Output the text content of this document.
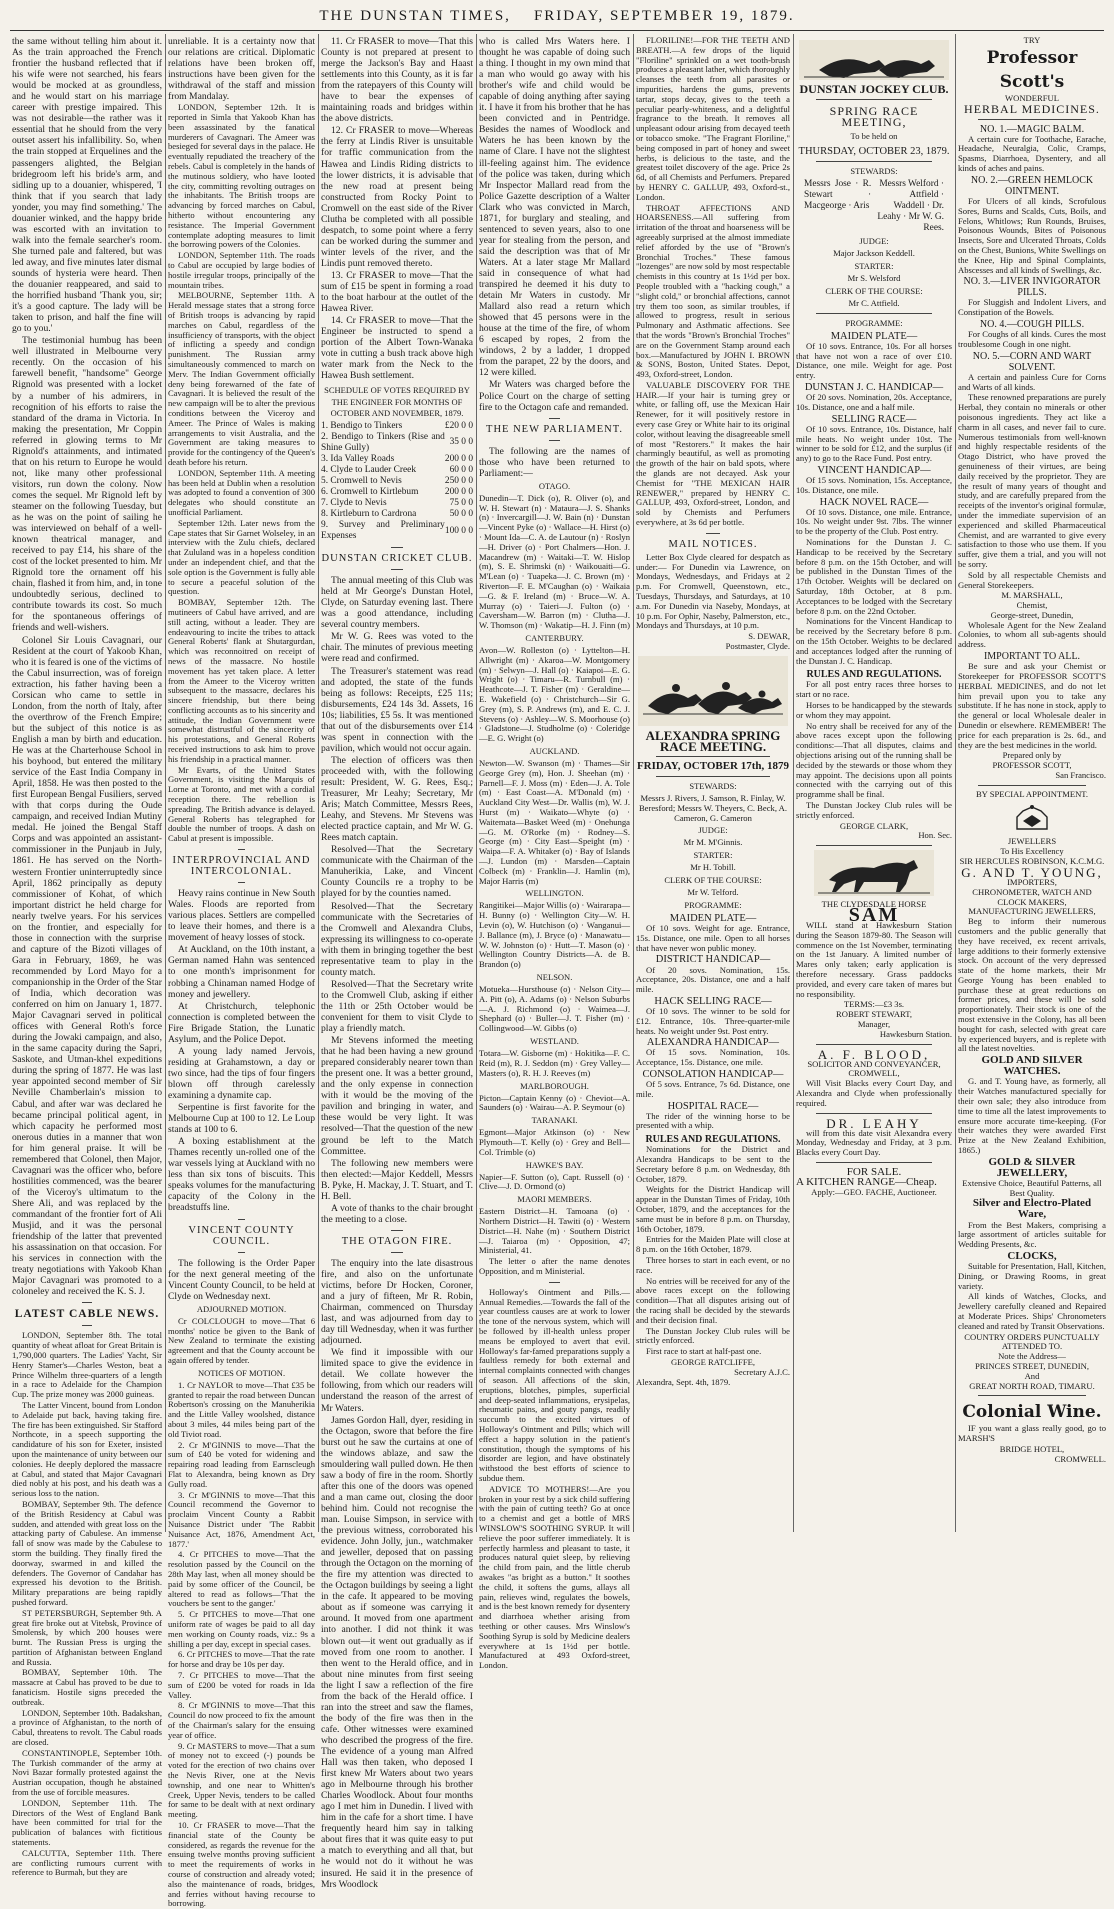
THE DUNSTAN TIMES, FRIDAY, SEPTEMBER 19, 1879.

the same without telling him about it. As the train approached the French frontier the husband reflected that if his wife were not searched, his fears would be mocked at as groundless, and he would start on his marriage career with prestige impaired. This was not desirable—the rather was it essential that he should from the very outset assert his infallibility. So, when the train stopped at Erquelines and the passengers alighted, the Belgian bridegroom left his bride's arm, and sidling up to a douanier, whispered, 'I think that if you search that lady yonder, you may find something.' The douanier winked, and the happy bride was escorted with an invitation to walk into the female searcher's room. She turned pale and faltered, but was led away, and five minutes later dismal sounds of hysteria were heard. Then the douanier reappeared, and said to the horrified husband 'Thank you, sir; it's a good capture. The lady will be taken to prison, and half the fine will go to you.'

The testimonial humbug has been well illustrated in Melbourne very recently. On the occasion of his farewell benefit, "handsome" George Rignold was presented with a locket by a number of his admirers, in recognition of his efforts to raise the standard of the drama in Victoria. In making the presentation, Mr Coppin referred in glowing terms to Mr Rignold's attainments, and intimated that on his return to Europe he would not, like many other professional visitors, run down the colony. Now comes the sequel. Mr Rignold left by steamer on the following Tuesday, but as he was on the point of sailing he was interviewed on behalf of a well-known theatrical manager, and received to pay £14, his share of the cost of the locket presented to him. Mr Rignold tore the ornament off his chain, flashed it from him, and, in tone undoubtedly serious, declined to contribute towards its cost. So much for the spontaneous offerings of friends and well-wishers.

Colonel Sir Louis Cavagnari, our Resident at the court of Yakoob Khan, who it is feared is one of the victims of the Cabul insurrection, was of foreign extraction, his father having been a Corsican who came to settle in London, from the north of Italy, after the overthrow of the French Empire; but the subject of this notice is as English a man by birth and education. He was at the Charterhouse School in his boyhood, but entered the military service of the East India Company in April, 1858. He was then posted to the first European Bengal Fusiliers, served with that corps during the Oude campaign, and received Indian Mutiny medal. He joined the Bengal Staff Corps and was appointed an assistant-commissioner in the Punjaub in July, 1861. He has served on the North-western Frontier uninterruptedly since April, 1862 principally as deputy commissioner of Kohat, of which important district he held charge for nearly twelve years. For his services on the frontier, and especially for those in connection with the surprise and capture of the Bizoti villages of Gara in February, 1869, he was recommended by Lord Mayo for a companionship in the Order of the Star of India, which decoration was conferred on him on January 1, 1877. Major Cavagnari served in political offices with General Roth's force during the Jowaki campaign, and also, in the same capacity during the Sapri, Saskote, and Utman-khel expeditions during the spring of 1877. He was last year appointed second member of Sir Neville Chamberlain's mission to Cabul, and after war was declared he became principal political agent, in which capacity he performed most onerous duties in a manner that won for him general praise. It will be remembered that Colonel, then Major, Cavagnari was the officer who, before hostilities commenced, was the bearer of the Viceroy's ultimatum to the Shere Ali, and was replaced by the commandant of the frontier fort of Ali Musjid, and it was the personal friendship of the latter that prevented his assassination on that occasion. For his services in connection with the treaty negotiations with Yakoob Khan Major Cavagnari was promoted to a coloneley and received the K. S. J.

LATEST CABLE NEWS.

LONDON, September 8th. The total quantity of wheat afloat for Great Britain is 1,790,000 quarters. The Ladies' Yacht, Sir Henry Stamer's—Charles Weston, beat a Prince Wilhelm three-quarters of a length in a race to Adelaide for the Champion Cup. The prize money was 2000 guineas.

The Latter Vincent, bound from London to Adelaide put back, having taking fire. The fire has been extinguished. Sir Stafford Northcote, in a speech supporting the candidature of his son for Exeter, insisted upon the maintenance of unity between our colonies. He deeply deplored the massacre at Cabul, and stated that Major Cavagnari died nobly at his post, and his death was a serious loss to the nation.

BOMBAY, September 9th. The defence of the British Residency at Cabul was sudden, and attended with great loss on the attacking party of Cabulese. An immense fall of snow was made by the Cabulese to storm the building. They finally fired the doorway, swarmed in and killed the defenders. The Governor of Candahar has expressed his devotion to the British. Military preparations are being rapidly pushed forward.

ST PETERSBURGH, September 9th. A great fire broke out at Vitebsk, Province of Smolensk, by which 200 houses were burnt. The Russian Press is urging the partition of Afghanistan between England and Russia.

BOMBAY, September 10th. The massacre at Cabul has proved to be due to fanaticism. Hostile signs preceded the outbreak.

LONDON, September 10th. Badakshan, a province of Afghanistan, to the north of Cabul, threatens to revolt. The Cabul roads are closed.

CONSTANTINOPLE, September 10th. The Turkish commander of the army at Novi Bazar formally protested against the Austrian occupation, though he abstained from the use of forcible measures.

LONDON, September 11th. The Directors of the West of England Bank have been committed for trial for the publication of balances with fictitious statements.

CALCUTTA, September 11th. There are conflicting rumours current with reference to Burmah, but they are

unreliable. It is a certainty now that our relations are critical. Diplomatic relations have been broken off, instructions have been given for the withdrawal of the staff and mission from Mandalay.

LONDON, September 12th. It is reported in Simla that Yakoob Khan has been assassinated by the fanatical murderers of Cavagnari. The Ameer was besieged for several days in the palace. He eventually repudiated the treachery of the rebels. Cabul is completely in the hands of the mutinous soldiery, who have looted the city, committing revolting outrages on the inhabitants. The British troops are advancing by forced marches on Cabul, hitherto without encountering any resistance. The Imperial Government contemplate adopting measures to limit the borrowing powers of the Colonies.

LONDON, September 11th. The roads to Cabul are occupied by large bodies of hostile irregular troops, principally of the mountain tribes.

MELBOURNE, September 11th. A Herald message states that a strong force of British troops is advancing by rapid marches on Cabul, regardless of the insufficiency of transports, with the object of inflicting a speedy and condign punishment. The Russian army simultaneously commenced to march on Merv. The Indian Government officially deny being forewarned of the fate of Cavagnari. It is believed the result of the new campaign will be to alter the previous conditions between the Viceroy and Ameer. The Prince of Wales is making arrangements to visit Australia, and the Government are taking measures to provide for the contingency of the Queen's death before his return.

LONDON, September 11th. A meeting has been held at Dublin when a resolution was adopted to found a convention of 300 delegates who should constitute an unofficial Parliament.

September 12th. Later news from the Cape states that Sir Garnet Wolseley, in an interview with the Zulu chiefs, declared that Zululand was in a hopeless condition under an independent chief, and that the sole option is the Government is fully able to secure a peaceful solution of the question.

BOMBAY, September 12th. The mutineers of Cabul have arrived, and are still acting, without a leader. They are endeavouring to incite the tribes to attack General Roberts' flank at Shutargurdan, which was reconnoitred on receipt of news of the massacre. No hostile movement has yet taken place. A letter from the Ameer to the Viceroy written subsequent to the massacre, declares his sincere friendship, but there being conflicting accounts as to his sincerity and attitude, the Indian Government were somewhat distrustful of the sincerity of his protestations, and General Roberts received instructions to ask him to prove his friendship in a practical manner.

Mr Evarts, of the United States Government, is visiting the Marquis of Lorne at Toronto, and met with a cordial reception there. The rebellion is spreading. The British advance is delayed. General Roberts has telegraphed for double the number of troops. A dash on Cabul at present is impossible.

INTERPROVINCIAL AND INTERCOLONIAL.

Heavy rains continue in New South Wales. Floods are reported from various places. Settlers are compelled to leave their homes, and there is a movement of heavy losses of stock.

At Auckland, on the 10th instant, a German named Hahn was sentenced to one month's imprisonment for robbing a Chinaman named Hodge of money and jewellery.

At Christchurch, telephonic connection is completed between the Fire Brigade Station, the Lunatic Asylum, and the Police Depot.

A young lady named Jervois, residing at Grahamstown, a day or two since, had the tips of four fingers blown off through carelessly examining a dynamite cap.

Serpentine is first favorite for the Melbourne Cup at 100 to 12. Le Loup stands at 100 to 6.

A boxing establishment at the Thames recently un-rolled one of the war vessels lying at Auckland with no less than six tons of biscuits. This speaks volumes for the manufacturing capacity of the Colony in the breadstuffs line.

VINCENT COUNTY COUNCIL.

The following is the Order Paper for the next general meeting of the Vincent County Council, to be held at Clyde on Wednesday next.

ADJOURNED MOTION.

Cr COLCLOUGH to move—That 6 months' notice be given to the Bank of New Zealand to terminate the existing agreement and that the County account be again offered by tender.

NOTICES OF MOTION.

1. Cr NAYLOR to move—That £35 be granted to repair the road between Duncan Robertson's crossing on the Manuherikia and the Little Valley woolshed, distance about 3 miles, 44 miles being part of the old Tiviot road.

2. Cr M'GINNIS to move—That the sum of £40 be voted for widening and repairing road leading from Earnscleugh Flat to Alexandra, being known as Dry Gully road.

3. Cr M'GINNIS to move—That this Council recommend the Governor to proclaim Vincent County a Rabbit Nuisance District under 'The Rabbit Nuisance Act, 1876, Amendment Act, 1877.'

4. Cr PITCHES to move—That the resolution passed by the Council on the 28th May last, when all money should be paid by some officer of the Council, be altered to read as follows—'That the vouchers be sent to the ganger.'

5. Cr PITCHES to move—That one uniform rate of wages be paid to all day men working on County roads, viz.: 9s a shilling a per day, except in special cases.

6. Cr PITCHES to move—That the rate for horse and dray be 10s per day.

7. Cr PITCHES to move—That the sum of £200 be voted for roads in Ida Valley.

8. Cr M'GINNIS to move—That this Council do now proceed to fix the amount of the Chairman's salary for the ensuing year of office.

9. Cr MASTERS to move—That a sum of money not to exceed (-) pounds be voted for the erection of two chains over the Nevis River, one at the Nevis township, and one near to Whitten's Creek, Upper Nevis, tenders to be called for same to be dealt with at next ordinary meeting.

10. Cr FRASER to move—That the financial state of the County be considered, as regards the revenue for the ensuing twelve months proving sufficient to meet the requirements of works in course of construction and already voted; also the maintenance of roads, bridges, and ferries without having recourse to borrowing.

11. Cr FRASER to move—That this County is not prepared at present to merge the Jackson's Bay and Haast settlements into this County, as it is far from the ratepayers of this County will have to bear the expenses of maintaining roads and bridges within the above districts.

12. Cr FRASER to move—Whereas the ferry at Lindis River is unsuitable for traffic communication from the Hawea and Lindis Riding districts to the lower districts, it is advisable that the new road at present being constructed from Rocky Point to Cromwell on the east side of the River Clutha be completed with all possible despatch, to some point where a ferry can be worked during the summer and winter levels of the river, and the Lindis punt removed thereto.

13. Cr FRASER to move—That the sum of £15 be spent in forming a road to the boat harbour at the outlet of the Hawea River.

14. Cr FRASER to move—That the Engineer be instructed to spend a portion of the Albert Town-Wanaka vote in cutting a bush track above high water mark from the Neck to the Hawea Bush settlement.

SCHEDULE OF VOTES REQUIRED BY THE ENGINEER FOR MONTHS OF OCTOBER AND NOVEMBER, 1879.
1. Bendigo to Tinkers	£20 0 0
2. Bendigo to Tinkers (Rise and Shine Gully)	35 0 0
3. Ida Valley Roads	200 0 0
4. Clyde to Lauder Creek	60 0 0
5. Cromwell to Nevis	250 0 0
6. Cromwell to Kirtlebum	200 0 0
7. Clyde to Nevis	75 0 0
8. Kirtleburn to Cardrona	50 0 0
9. Survey and Preliminary Expenses	100 0 0
DUNSTAN CRICKET CLUB.

The annual meeting of this Club was held at Mr George's Dunstan Hotel, Clyde, on Saturday evening last. There was a good attendance, including several country members.

Mr W. G. Rees was voted to the chair. The minutes of previous meeting were read and confirmed.

The Treasurer's statement was read and adopted, the state of the funds being as follows: Receipts, £25 11s; disbursements, £24 14s 3d. Assets, 16 10s; liabilities, £5 5s. It was mentioned that out of the disbursements over £14 was spent in connection with the pavilion, which would not occur again.

The election of officers was then proceeded with, with the following result: President, W. G. Rees, Esq.; Treasurer, Mr Leahy; Secretary, Mr Aris; Match Committee, Messrs Rees, Leahy, and Stevens. Mr Stevens was elected practice captain, and Mr W. G. Rees match captain.

Resolved—That the Secretary communicate with the Chairman of the Manuherikia, Lake, and Vincent County Councils re a trophy to be played for by the counties named.

Resolved—That the Secretary communicate with the Secretaries of the Cromwell and Alexandra Clubs, expressing its willingness to co-operate with them in bringing together the best representative team to play in the county match.

Resolved—That the Secretary write to the Cromwell Club, asking if either the 11th or 25th October would be convenient for them to visit Clyde to play a friendly match.

Mr Stevens informed the meeting that he had been having a new ground prepared considerably nearer town than the present one. It was a better ground, and the only expense in connection with it would be the moving of the pavilion and bringing in water, and these would be very light. It was resolved—That the question of the new ground be left to the Match Committee.

The following new members were then elected:—Major Keddell, Messrs B. Pyke, H. Mackay, J. T. Stuart, and T. H. Bell.

A vote of thanks to the chair brought the meeting to a close.

THE OTAGON FIRE.

The enquiry into the late disastrous fire, and also on the unfortunate victims, before Dr Hocken, Coroner, and a jury of fifteen, Mr R. Robin, Chairman, commenced on Thursday last, and was adjourned from day to day till Wednesday, when it was further adjourned.

We find it impossible with our limited space to give the evidence in detail. We collate however the following, from which our readers will understand the reason of the arrest of Mr Waters.

James Gordon Hall, dyer, residing in the Octagon, swore that before the fire burst out he saw the curtains at one of the windows ablaze, and saw the smouldering wall pulled down. He then saw a body of fire in the room. Shortly after this one of the doors was opened and a man came out, closing the door behind him. Could not recognise the man. Louise Simpson, in service with the previous witness, corroborated his evidence. John Jolly, jun., watchmaker and jeweller, deposed that on passing through the Octagon on the morning of the fire my attention was directed to the Octagon buildings by seeing a light in the cafe. It appeared to be moving about as if someone was carrying it around. It moved from one apartment into another. I did not think it was blown out—it went out gradually as if moved from one room to another. I then went to the Herald office, and in about nine minutes from first seeing the light I saw a reflection of the fire from the back of the Herald office. I ran into the street and saw the flames, the body of the fire was then in the cafe. Other witnesses were examined who described the progress of the fire. The evidence of a young man Alfred Hall was then taken, who deposed I first knew Mr Waters about two years ago in Melbourne through his brother Charles Woodlock. About four months ago I met him in Dunedin. I lived with him in the cafe for a short time. I have frequently heard him say in talking about fires that it was quite easy to put a match to everything and all that, but he would not do it without he was insured. He said it in the presence of Mrs Woodlock

who is called Mrs Waters here. I thought he was capable of doing such a thing. I thought in my own mind that a man who would go away with his brother's wife and child would be capable of doing anything after saying it. I have it from his brother that he has been convicted and in Pentridge. Besides the names of Woodlock and Waters he has been known by the name of Clare. I have not the slightest ill-feeling against him. The evidence of the police was taken, during which Mr Inspector Mallard read from the Police Gazette description of a Walter Clark who was convicted in March, 1871, for burglary and stealing, and sentenced to seven years, also to one year for stealing from the person, and said the description was that of Mr Waters. At a later stage Mr Mallard said in consequence of what had transpired he deemed it his duty to detain Mr Waters in custody. Mr Mallard also read a return which showed that 45 persons were in the house at the time of the fire, of whom 6 escaped by ropes, 2 from the windows, 2 by a ladder, 1 dropped from the parapet, 22 by the doors, and 12 were killed.

Mr Waters was charged before the Police Court on the charge of setting fire to the Octagon cafe and remanded.

THE NEW PARLIAMENT.

The following are the names of those who have been returned to Parliament:—

OTAGO.

Dunedin—T. Dick (o), R. Oliver (o), and W. H. Stewart (n) · Mataura—J. S. Shanks (n) · Invercargill—J. W. Bain (n) · Dunstan—Vincent Pyke (o) · Wallace—H. Hirst (o) · Mount Ida—C. A. de Lautour (n) · Roslyn—H. Driver (o) · Port Chalmers—Hon. J. Macandrew (m) · Waitaki—T. W. Hislop (m), S. E. Shrimski (n) · Waikouaiti—G. M'Lean (o) · Tuapeka—J. C. Brown (m) · Riverton—F. E. M'Caughan (o) · Waikaia—G. & F. Ireland (m) · Bruce—W. A. Murray (o) · Taieri—J. Fulton (o) · Caversham—W. Barron (m) · Clutha—J. W. Thomson (m) · Wakatip—H. J. Finn (m)

CANTERBURY.

Avon—W. Rolleston (o) · Lyttelton—H. Allwright (m) · Akaroa—W. Montgomery (m) · Selwyn—J. Hall (o) · Kaiapoi—E. G. Wright (o) · Timaru—R. Turnbull (m) · Heathcote—J. T. Fisher (m) · Geraldine—E. Wakefield (o) · Christchurch—Sir G. Grey (m), S. P. Andrews (m), and E. C. J. Stevens (o) · Ashley—W. S. Moorhouse (o) · Gladstone—J. Studholme (o) · Coleridge—E. G. Wright (o)

AUCKLAND.

Newton—W. Swanson (m) · Thames—Sir George Grey (m), Hon. J. Sheehan (m) · Parnell—F. J. Moss (m) · Eden—J. A. Tole (m) · East Coast—A. M'Donald (m) · Auckland City West—Dr. Wallis (m), W. J. Hurst (m) · Waikato—Whyte (o) · Waitemata—Basket Weed (m) · Onehunga—G. M. O'Rorke (m) · Rodney—S. George (m) · City East—Speight (m) · Waipa—F. A. Whitaker (o) · Bay of Islands—J. Lundon (m) · Marsden—Captain Colbeck (m) · Franklin—J. Hamlin (m), Major Harris (m)

WELLINGTON.

Rangitikei—Major Willis (o) · Wairarapa—H. Bunny (o) · Wellington City—W. H. Levin (o), W. Hutchison (o) · Wanganui—J. Ballance (m), J. Bryce (o) · Manawatu—W. W. Johnston (o) · Hutt—T. Mason (o) · Wellington Country Districts—A. de B. Brandon (o)

NELSON.

Motueka—Hursthouse (o) · Nelson City—A. Pitt (o), A. Adams (o) · Nelson Suburbs—A. J. Richmond (o) · Waimea—J. Shephard (o) · Buller—J. T. Fisher (m) · Collingwood—W. Gibbs (o)

WESTLAND.

Totara—W. Gisborne (m) · Hokitika—F. C. Reid (m), R. J. Seddon (m) · Grey Valley—Masters (o), R. H. J. Reeves (m)

MARLBOROUGH.

Picton—Captain Kenny (o) · Cheviot—A. Saunders (o) · Wairau—A. P. Seymour (o)

TARANAKI.

Egmont—Major Atkinson (o) · New Plymouth—T. Kelly (o) · Grey and Bell—Col. Trimble (o)

HAWKE'S BAY.

Napier—F. Sutton (o), Capt. Russell (o) · Clive—J. D. Ormond (o)

MAORI MEMBERS.

Eastern District—H. Tamoana (o) · Northern District—H. Tawiti (o) · Western District—H. Nahe (m) · Southern District—J. Taiaroa (m) · Opposition, 47; Ministerial, 41.

The letter o after the name denotes Opposition, and m Ministerial.

Holloway's Ointment and Pills.—Annual Remedies.—Towards the fall of the year countless causes are at work to lower the tone of the nervous system, which will be followed by ill-health unless proper means be employed to avert that evil. Holloway's far-famed preparations supply a faultless remedy for both external and internal complaints connected with changes of season. All affections of the skin, eruptions, blotches, pimples, superficial and deep-seated inflammations, erysipelas, rheumatic pains, and gouty pangs, readily succumb to the excited virtues of Holloway's Ointment and Pills; which will effect a happy solution in the patient's constitution, though the symptoms of his disorder are legion, and have obstinately withstood the best efforts of science to subdue them.

ADVICE TO MOTHERS!—Are you broken in your rest by a sick child suffering with the pain of cutting teeth? Go at once to a chemist and get a bottle of MRS WINSLOW'S SOOTHING SYRUP. It will relieve the poor sufferer immediately. It is perfectly harmless and pleasant to taste, it produces natural quiet sleep, by relieving the child from pain, and the little cherub awakes "as bright as a button." It soothes the child, it softens the gums, allays all pain, relieves wind, regulates the bowels, and is the best known remedy for dysentery and diarrhoea whether arising from teething or other causes. Mrs Winslow's Soothing Syrup is sold by Medicine dealers everywhere at 1s 1½d per bottle. Manufactured at 493 Oxford-street, London.

FLORILINE!—FOR THE TEETH AND BREATH.—A few drops of the liquid "Floriline" sprinkled on a wet tooth-brush produces a pleasant lather, which thoroughly cleanses the teeth from all parasites or impurities, hardens the gums, prevents tartar, stops decay, gives to the teeth a peculiar pearly-whiteness, and a delightful fragrance to the breath. It removes all unpleasant odour arising from decayed teeth or tobacco smoke. "The Fragrant Floriline," being composed in part of honey and sweet herbs, is delicious to the taste, and the greatest toilet discovery of the age. Price 2s 6d, of all Chemists and Perfumers. Prepared by HENRY C. GALLUP, 493, Oxford-st., London.

THROAT AFFECTIONS AND HOARSENESS.—All suffering from irritation of the throat and hoarseness will be agreeably surprised at the almost immediate relief afforded by the use of "Brown's Bronchial Troches." These famous "lozenges" are now sold by most respectable chemists in this country at 1s 1½d per box. People troubled with a "hacking cough," a "slight cold," or bronchial affections, cannot try them too soon, as similar troubles, if allowed to progress, result in serious Pulmonary and Asthmatic affections. See that the words "Brown's Bronchial Troches" are on the Government Stamp around each box.—Manufactured by JOHN I. BROWN & SONS, Boston, United States. Depot, 493, Oxford-street, London.

VALUABLE DISCOVERY FOR THE HAIR.—If your hair is turning grey or white, or falling off, use the Mexican Hair Renewer, for it will positively restore in every case Grey or White hair to its original color, without leaving the disagreeable smell of most "Restorers." It makes the hair charmingly beautiful, as well as promoting the growth of the hair on bald spots, where the glands are not decayed. Ask your Chemist for "THE MEXICAN HAIR RENEWER," prepared by HENRY C. GALLUP, 493, Oxford-street, London, and sold by Chemists and Perfumers everywhere, at 3s 6d per bottle.

MAIL NOTICES.

Letter Box Clyde cleared for despatch as under:— For Dunedin via Lawrence, on Mondays, Wednesdays, and Fridays at 2 p.m. For Cromwell, Queenstown, etc., Tuesdays, Thursdays, and Saturdays, at 10 a.m. For Dunedin via Naseby, Mondays, at 10 p.m. For Ophir, Naseby, Palmerston, etc., Mondays and Thursdays, at 10 p.m.

S. DEWAR,
Postmaster, Clyde.
ALEXANDRA SPRING RACE MEETING.
FRIDAY, OCTOBER 17th, 1879
STEWARDS:

Messrs J. Rivers, J. Samson, R. Finlay, W. Beresford; Messrs W. Theyers, C. Beck, A. Cameron, G. Cameron

JUDGE:
Mr M. M'Ginnis.
STARTER:
Mr H. Tobill.
CLERK OF THE COURSE:
Mr W. Telford.
PROGRAMME:
MAIDEN PLATE—

Of 10 sovs. Weight for age. Entrance, 15s. Distance, one mile. Open to all horses that have never won public money.

DISTRICT HANDICAP—

Of 20 sovs. Nomination, 15s. Acceptance, 20s. Distance, one and a half mile.

HACK SELLING RACE—

Of 10 sovs. The winner to be sold for £12. Entrance, 10s. Three-quarter-mile heats. No weight under 9st. Post entry.

ALEXANDRA HANDICAP—

Of 15 sovs. Nomination, 10s. Acceptance, 15s. Distance, one mile.

CONSOLATION HANDICAP—

Of 5 sovs. Entrance, 7s 6d. Distance, one mile.

HOSPITAL RACE—

The rider of the winning horse to be presented with a whip.

RULES AND REGULATIONS.

Nominations for the District and Alexandra Handicaps to be sent to the Secretary before 8 p.m. on Wednesday, 8th October, 1879.

Weights for the District Handicap will appear in the Dunstan Times of Friday, 10th October, 1879, and the acceptances for the same must be in before 8 p.m. on Thursday, 16th October, 1879.

Entries for the Maiden Plate will close at 8 p.m. on the 16th October, 1879.

Three horses to start in each event, or no race.

No entries will be received for any of the above races except on the following condition—That all disputes arising out of the racing shall be decided by the stewards and their decision final.

The Dunstan Jockey Club rules will be strictly enforced.

First race to start at half-past one.

GEORGE RATCLIFFE,
Secretary A.J.C.
Alexandra, Sept. 4th, 1879.
DUNSTAN JOCKEY CLUB.
SPRING RACE MEETING,
To be held on
THURSDAY, OCTOBER 23, 1879.
STEWARDS:
Messrs Jose · R. Stewart · Macgeorge · Aris
Messrs Welford · Attfield · Waddell · Dr. Leahy · Mr W. G. Rees.
JUDGE:
Major Jackson Keddell.
STARTER:
Mr S. Welsford
CLERK OF THE COURSE:
Mr C. Attfield.
PROGRAMME:
MAIDEN PLATE—

Of 10 sovs. Entrance, 10s. For all horses that have not won a race of over £10. Distance, one mile. Weight for age. Post entry.

DUNSTAN J. C. HANDICAP—

Of 20 sovs. Nomination, 20s. Acceptance, 10s. Distance, one and a half mile.

SELLING RACE—

Of 10 sovs. Entrance, 10s. Distance, half mile heats. No weight under 10st. The winner to be sold for £12, and the surplus (if any) to go to the Race Fund. Post entry.

VINCENT HANDICAP—

Of 15 sovs. Nomination, 15s. Acceptance, 10s. Distance, one mile.

HACK NOVEL RACE—

Of 10 sovs. Distance, one mile. Entrance, 10s. No weight under 9st. 7lbs. The winner to be the property of the Club. Post entry.

Nominations for the Dunstan J. C. Handicap to be received by the Secretary before 8 p.m. on the 15th October, and will be published in the Dunstan Times of the 17th October. Weights will be declared on Saturday, 18th October, at 8 p.m. Acceptances to be lodged with the Secretary before 8 p.m. on the 22nd October.

Nominations for the Vincent Handicap to be received by the Secretary before 8 p.m. on the 15th October. Weights to be declared and acceptances lodged after the running of the Dunstan J. C. Handicap.

RULES AND REGULATIONS.

For all post entry races three horses to start or no race.

Horses to be handicapped by the stewards or whom they may appoint.

No entry shall be received for any of the above races except upon the following conditions:—That all disputes, claims and objections arising out of the running shall be decided by the stewards or those whom they may appoint. The decisions upon all points connected with the carrying out of this programme shall be final.

The Dunstan Jockey Club rules will be strictly enforced.

GEORGE CLARK,
Hon. Sec.
THE CLYDESDALE HORSE
SAM

WILL stand at Hawkesburn Station during the Season 1879-80. The Season will commence on the 1st November, terminating on the 1st January. A limited number of Mares only taken; early application is therefore necessary. Grass paddocks provided, and every care taken of mares but no responsibility.

TERMS:—£3 3s.
ROBERT STEWART,
Manager,
Hawkesburn Station.
A. F. BLOOD,
SOLICITOR AND CONVEYANCER,
CROMWELL,

Will Visit Blacks every Court Day, and Alexandra and Clyde when professionally required.

DR. LEAHY

will from this date visit Alexandra every Monday, Wednesday and Friday, at 3 p.m. Blacks every Court Day.

FOR SALE.
A KITCHEN RANGE—Cheap.
Apply:—GEO. FACHE, Auctioneer.
TRY
Professor Scott's
WONDERFUL
HERBAL MEDICINES.
NO. 1.—MAGIC BALM.

A certain cure for Toothache, Earache, Headache, Neuralgia, Colic, Cramps, Spasms, Diarrhoea, Dysentery, and all kinds of aches and pains.

NO. 2.—GREEN HEMLOCK OINTMENT.

For Ulcers of all kinds, Scrofulous Sores, Burns and Scalds, Cuts, Boils, and Felons, Whitlows; Run Rounds, Bruises, Poisonous Wounds, Bites of Poisonous Insects, Sore and Ulcerated Throats, Colds on the Chest, Bunions, White Swellings on the Knee, Hip and Spinal Complaints, Abscesses and all kinds of Swellings, &c.

NO. 3.—LIVER INVIGORATOR PILLS.

For Sluggish and Indolent Livers, and Constipation of the Bowels.

NO. 4.—COUGH PILLS.

For Coughs of all kinds. Cures the most troublesome Cough in one night.

NO. 5.—CORN AND WART SOLVENT.

A certain and painless Cure for Corns and Warts of all kinds.

These renowned preparations are purely Herbal, they contain no minerals or other poisonous ingredients. They act like a charm in all cases, and never fail to cure. Numerous testimonials from well-known and highly respectable residents of the Otago District, who have proved the genuineness of their virtues, are being daily received by the proprietor. They are the result of many years of thought and study, and are carefully prepared from the receipts of the inventor's original formulæ, under the immediate supervision of an experienced and skilled Pharmaceutical Chemist, and are warranted to give every satisfaction to those who use them. If you suffer, give them a trial, and you will not be sorry.

Sold by all respectable Chemists and General Storekeepers.

M. MARSHALL,
Chemist,
George-street, Dunedin,

Wholesale Agent for the New Zealand Colonies, to whom all sub-agents should address.

IMPORTANT TO ALL.

Be sure and ask your Chemist or Storekeeper for PROFESSOR SCOTT'S HERBAL MEDICINES, and do not let him prevail upon you to take any substitute. If he has none in stock, apply to the general or local Wholesale dealer in Dunedin or elsewhere. REMEMBER! The price for each preparation is 2s. 6d., and they are the best medicines in the world.

Prepared only by
PROFESSOR SCOTT,
San Francisco.
BY SPECIAL APPOINTMENT.
JEWELLERS
To His Excellency
SIR HERCULES ROBINSON, K.C.M.G.
G. AND T. YOUNG,
IMPORTERS,
CHRONOMETER, WATCH AND CLOCK MAKERS,
MANUFACTURING JEWELLERS,

Beg to inform their numerous customers and the public generally that they have received, ex recent arrivals, large additions to their formerly extensive stock. On account of the very depressed state of the home markets, their Mr George Young has been enabled to purchase these at great reductions on former prices, and these will be sold proportionately. Their stock is one of the most extensive in the Colony, has all been bought for cash, selected with great care by experienced buyers, and is replete with all the latest novelties.

GOLD AND SILVER WATCHES.

G. and T. Young have, as formerly, all their Watches manufactured specially for their own sale; they also introduce from time to time all the latest improvements to ensure more accurate time-keeping. (For their watches they were awarded First Prize at the New Zealand Exhibition, 1865.)

GOLD & SILVER JEWELLERY,
Extensive Choice, Beautiful Patterns, all Best Quality.
Silver and Electro-Plated Ware,

From the Best Makers, comprising a large assortment of articles suitable for Wedding Presents, &c.

CLOCKS,

Suitable for Presentation, Hall, Kitchen, Dining, or Drawing Rooms, in great variety.

All kinds of Watches, Clocks, and Jewellery carefully cleaned and Repaired at Moderate Prices. Ships' Chronometers cleaned and rated by Transit Observations.

COUNTRY ORDERS PUNCTUALLY ATTENDED TO.
Note the Address—
PRINCES STREET, DUNEDIN,
And
GREAT NORTH ROAD, TIMARU.
Colonial Wine.

IF you want a glass really good, go to MARSH'S

BRIDGE HOTEL,
CROMWELL.
